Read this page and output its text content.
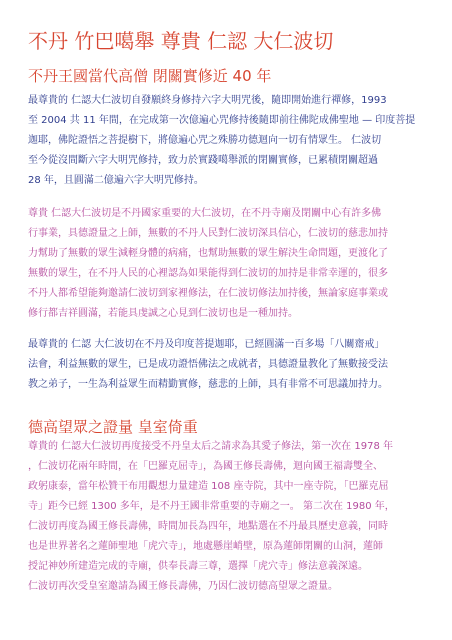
不丹 竹巴噶舉 尊貴 仁認 大仁波切
不丹王國當代高僧 閉關實修近 40 年

最尊貴的 仁認大仁波切自發願終身修持六字大明咒後，隨即開始進行禪修，1993
至 2004 共 11 年間，在完成第一次億遍心咒修持後隨即前往佛陀成佛聖地 — 印度菩提
迦耶，佛陀證悟之菩提樹下，將億遍心咒之殊勝功德迴向一切有情眾生。 仁波切
至今從沒間斷六字大明咒修持，致力於實踐噶舉派的閉關實修，已累積閉關超過
28 年，且圓滿二億遍六字大明咒修持。

尊貴 仁認大仁波切是不丹國家重要的大仁波切，在不丹寺廟及閉關中心有許多佛
行事業，具德證量之上師，無數的不丹人民對仁波切深具信心，仁波切的慈悲加持
力幫助了無數的眾生減輕身體的病痛，也幫助無數的眾生解決生命問題，更渡化了
無數的眾生，在不丹人民的心裡認為如果能得到仁波切的加持是非常幸運的，很多
不丹人都希望能夠邀請仁波切到家裡修法，在仁波切修法加持後，無論家庭事業或
修行都吉祥圓滿，若能具虔誠之心見到仁波切也是一種加持。

最尊貴的 仁認 大仁波切在不丹及印度菩提迦耶，已經圓滿一百多場「八關齋戒」
法會，利益無數的眾生，已是成功證悟佛法之成就者，具德證量教化了無數接受法
教之弟子，一生為利益眾生而精勤實修，慈悲的上師，具有非常不可思議加持力。

德高望眾之證量 皇室倚重

尊貴的 仁認大仁波切再度接受不丹皇太后之請求為其愛子修法，第一次在 1978 年
，仁波切花兩年時間，在「巴羅克屈寺」，為國王修長壽佛，迴向國王福壽雙全、
政躬康泰，當年松贊干布用觀想力量建造 108 座寺院，其中一座寺院，「巴羅克屈
寺」距今已經 1300 多年，是不丹王國非常重要的寺廟之一。 第二次在 1980 年，
仁波切再度為國王修長壽佛，時間加長為四年，地點選在不丹最具歷史意義，同時
也是世界著名之蓮師聖地「虎穴寺」，地處懸崖峭壁，原為蓮師閉關的山洞，蓮師
授記神妙所建造完成的寺廟，供奉長壽三尊，選擇「虎穴寺」修法意義深遠。
仁波切再次受皇室邀請為國王修長壽佛，乃因仁波切德高望眾之證量。
